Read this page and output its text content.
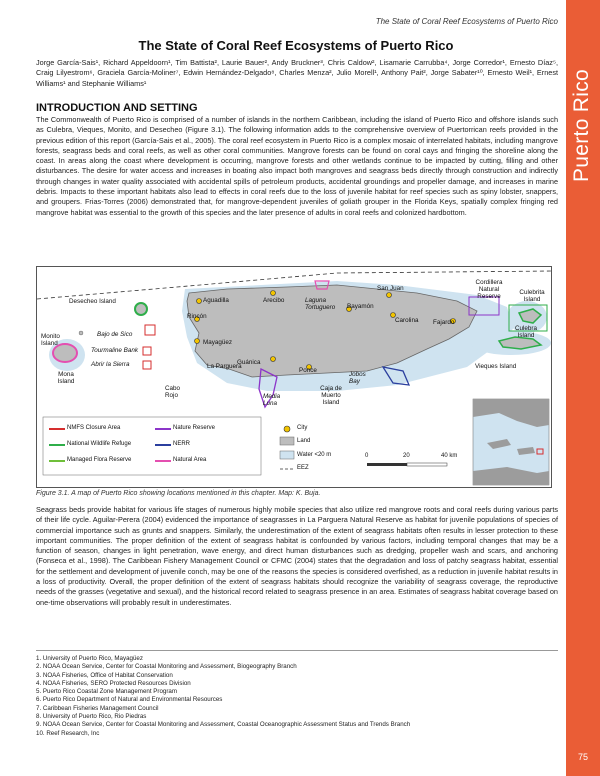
Puerto Rico
75
The State of Coral Reef Ecosystems of Puerto Rico
The State of Coral Reef Ecosystems of Puerto Rico
Jorge García-Sais¹, Richard Appeldoorn¹, Tim Battista², Laurie Bauer², Andy Bruckner³, Chris Caldow², Lisamarie Carrubba⁴, Jorge Corredor¹, Ernesto Díaz⁵, Craig Lilyestrom⁶, Graciela García-Moliner⁷, Edwin Hernández-Delgado⁸, Charles Menza², Julio Morell¹, Anthony Pait², Jorge Sabater¹⁰, Ernesto Weil¹, Ernest Williams¹ and Stephanie Williams¹
INTRODUCTION AND SETTING
The Commonwealth of Puerto Rico is comprised of a number of islands in the northern Caribbean, including the island of Puerto Rico and offshore islands such as Culebra, Vieques, Monito, and Desecheo (Figure 3.1). The following information adds to the comprehensive overview of Puertorrican reefs provided in the previous edition of this report (García-Sais et al., 2005). The coral reef ecosystem in Puerto Rico is a complex mosaic of interrelated habitats, including mangrove forests, seagrass beds and coral reefs, as well as other coral communities. Mangrove forests can be found on coral cays and fringing the shoreline along the coast. In areas along the coast where development is occurring, mangrove forests and other wetlands continue to be impacted by cutting, filling and other disturbances. The desire for water access and increases in boating also impact both mangroves and seagrass beds directly through construction and indirectly through changes in water quality associated with accidental spills of petroleum products, accidental groundings and propeller damage, and increases in marine debris. Impacts to these important habitats also lead to effects in coral reefs due to the loss of juvenile habitat for reef species such as spiny lobster, snappers, and groupers. Frias-Torres (2006) demonstrated that, for mangrove-dependent juveniles of goliath grouper in the Florida Keys, spatially complex fringing red mangrove habitat was essential to the growth of this species and the later presence of adults in coral reefs and colonized hardbottom.
Desecheo Island	Aguadilla	Arecibo	Laguna Tortuguero
San Juan
Bayamón
Carolina Fajardo
Cordillera Natural Reserve
Culebrita Island
Culebra Island
Rincón
Bajo de Sico
Mayagüez
Monito Island
Tourmaline Bank
Abrir la Sierra
Mona Island
La Parguera
Guánica
Ponce
Jobos Bay
Caja de Muerto Island
Vieques Island
Cabo Rojo	Media Luna
NMFS Closure Area
National Wildlife Refuge
Managed Flora Reserve
Nature Reserve
NERR
Natural Area
City
Land
Water <20 m
EEZ
0	20	40 km
Figure 3.1. A map of Puerto Rico showing locations mentioned in this chapter. Map: K. Buja.
Seagrass beds provide habitat for various life stages of numerous highly mobile species that also utilize red mangrove roots and coral reefs during various parts of their life cycle. Aguilar-Perera (2004) evidenced the importance of seagrasses in La Parguera Natural Reserve as habitat for juvenile populations of species of commercial importance such as grunts and snappers. Similarly, the underestimation of the extent of seagrass habitats often results in lesser protection to these important communities. The proper definition of the extent of seagrass habitat is confounded by various factors, including temporal changes that may be a function of season, changes in light penetration, wave energy, and direct human disturbances such as dredging, propeller wash and scars, and anchoring (Fonseca et al., 1998). The Caribbean Fishery Management Council or CFMC (2004) states that the degradation and loss of patchy seagrass habitat, essential for the settlement and development of juvenile conch, may be one of the reasons the species is considered overfished, as a reduction in juvenile habitat results in a loss of productivity. Overall, the proper definition of the extent of seagrass habitats should recognize the variability of seagrass coverage, the reproductive needs of the grasses (vegetative and sexual), and the historical record related to seagrass presence in an area. Estimates of seagrass habitat coverage based on one-time observations will probably result in underestimates.
1. University of Puerto Rico, Mayagüez
2. NOAA Ocean Service, Center for Coastal Monitoring and Assessment, Biogeography Branch
3. NOAA Fisheries, Office of Habitat Conservation
4. NOAA Fisheries, SERO Protected Resources Division
5. Puerto Rico Coastal Zone Management Program
6. Puerto Rico Department of Natural and Environmental Resources
7. Caribbean Fisheries Management Council
8. University of Puerto Rico, Rio Piedras
9. NOAA Ocean Service, Center for Coastal Monitoring and Assessment, Coastal Oceanographic Assessment Status and Trends Branch
10. Reef Research, Inc
